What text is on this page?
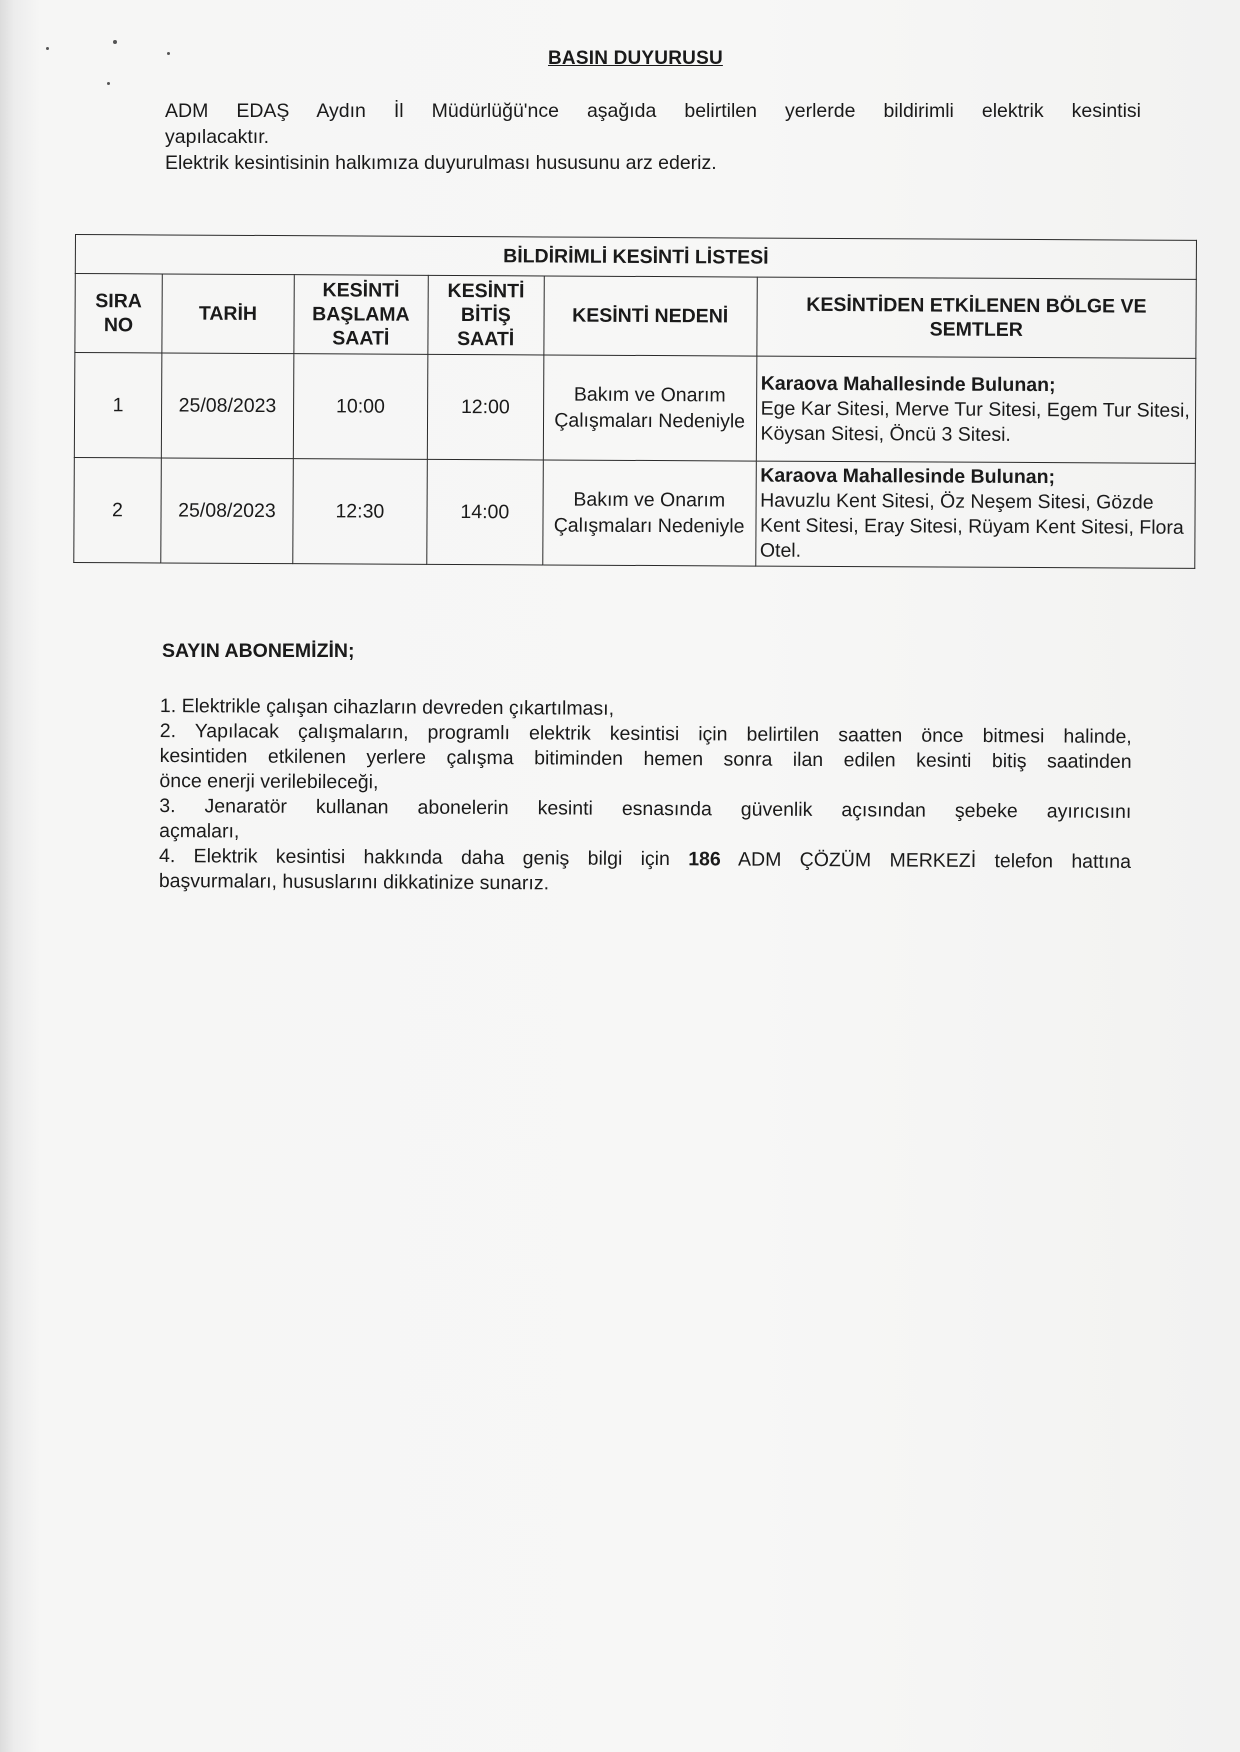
BASIN DUYURUSU
ADM EDAŞ Aydın İl Müdürlüğü'nce aşağıda belirtilen yerlerde bildirimli elektrik kesintisi
yapılacaktır.
Elektrik kesintisinin halkımıza duyurulması hususunu arz ederiz.
BİLDİRİMLİ KESİNTİ LİSTESİ					
SIRA NO	TARİH	KESİNTİ BAŞLAMA SAATİ	KESİNTİ BİTİŞ SAATİ	KESİNTİ NEDENİ	KESİNTİDEN ETKİLENEN BÖLGE VE SEMTLER
1	25/08/2023	10:00	12:00	Bakım ve Onarım Çalışmaları Nedeniyle	Karaova Mahallesinde Bulunan;
Ege Kar Sitesi, Merve Tur Sitesi, Egem Tur Sitesi, Köysan Sitesi, Öncü 3 Sitesi.
2	25/08/2023	12:30	14:00	Bakım ve Onarım Çalışmaları Nedeniyle	Karaova Mahallesinde Bulunan;
Havuzlu Kent Sitesi, Öz Neşem Sitesi, Gözde Kent Sitesi, Eray Sitesi, Rüyam Kent Sitesi, Flora Otel.
SAYIN ABONEMİZİN;
1. Elektrikle çalışan cihazların devreden çıkartılması,
2. Yapılacak çalışmaların, programlı elektrik kesintisi için belirtilen saatten önce bitmesi halinde,
kesintiden etkilenen yerlere çalışma bitiminden hemen sonra ilan edilen kesinti bitiş saatinden
önce enerji verilebileceği,
3. Jenaratör kullanan abonelerin kesinti esnasında güvenlik açısından şebeke ayırıcısını
açmaları,
4. Elektrik kesintisi hakkında daha geniş bilgi için 186 ADM ÇÖZÜM MERKEZİ telefon hattına
başvurmaları, hususlarını dikkatinize sunarız.
